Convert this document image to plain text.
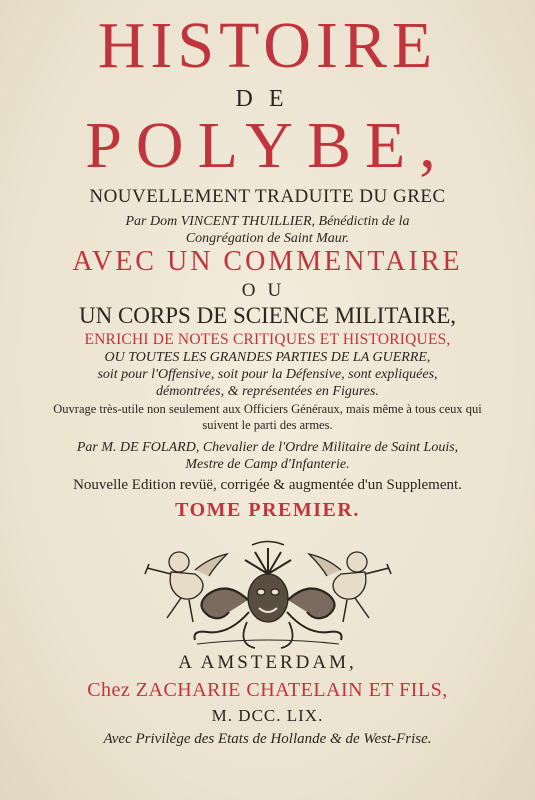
HISTOIRE
DE
POLYBE,
NOUVELLEMENT TRADUITE DU GREC
Par Dom VINCENT THUILLIER, Bénédictin de la
Congrégation de Saint Maur.
AVEC UN COMMENTAIRE
OU
UN CORPS DE SCIENCE MILITAIRE,
ENRICHI DE NOTES CRITIQUES ET HISTORIQUES,
OU TOUTES LES GRANDES PARTIES DE LA GUERRE,
soit pour l'Offensive, soit pour la Défensive, sont expliquées,
démontrées, & représentées en Figures.
Ouvrage très-utile non seulement aux Officiers Généraux, mais même à tous ceux qui
suivent le parti des armes.
Par M. DE FOLARD, Chevalier de l'Ordre Militaire de Saint Louis,
Mestre de Camp d'Infanterie.
Nouvelle Edition revüë, corrigée & augmentée d'un Supplement.
TOME PREMIER.
A AMSTERDAM,
Chez ZACHARIE CHATELAIN ET FILS,
M. DCC. LIX.
Avec Privilège des Etats de Hollande & de West-Frise.
